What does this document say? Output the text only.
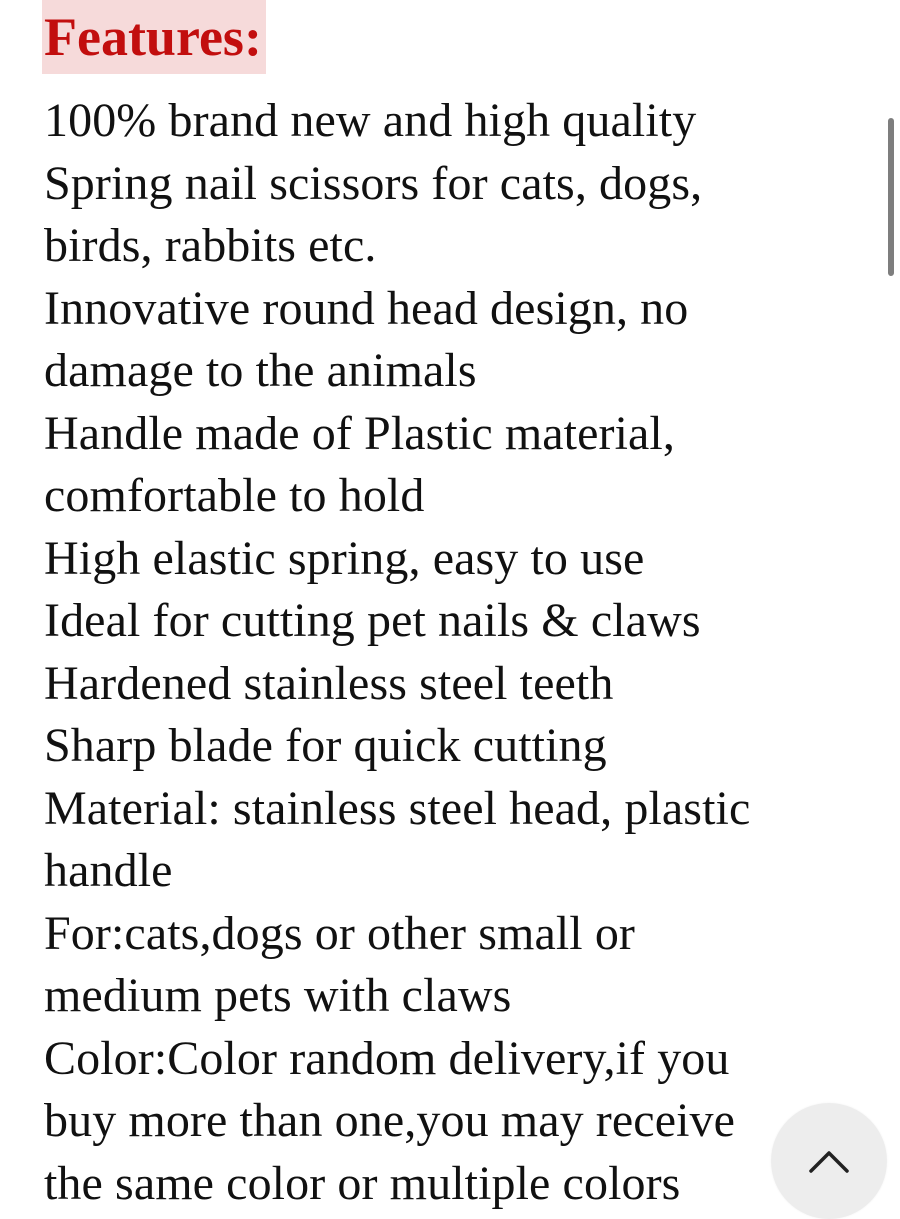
Features:
100% brand new and high quality
Spring nail scissors for cats, dogs,
birds, rabbits etc.
Innovative round head design, no
damage to the animals
Handle made of Plastic material,
comfortable to hold
High elastic spring, easy to use
Ideal for cutting pet nails & claws
Hardened stainless steel teeth
Sharp blade for quick cutting
Material: stainless steel head, plastic
handle
For:cats,dogs or other small or
medium pets with claws
Color:Color random delivery,if you
buy more than one,you may receive
the same color or multiple colors
